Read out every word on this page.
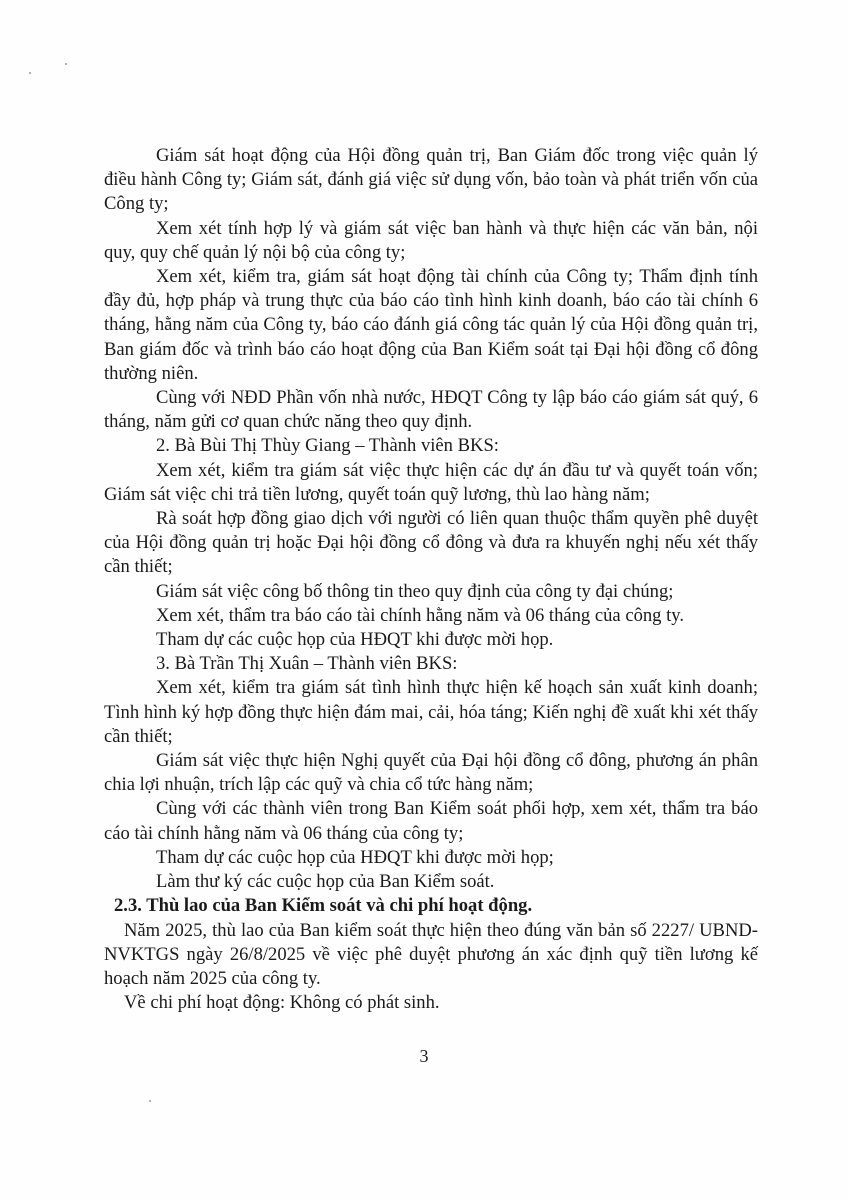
Giám sát hoạt động của Hội đồng quản trị, Ban Giám đốc trong việc quản lý điều hành Công ty; Giám sát, đánh giá việc sử dụng vốn, bảo toàn và phát triển vốn của Công ty;

Xem xét tính hợp lý và giám sát việc ban hành và thực hiện các văn bản, nội quy, quy chế quản lý nội bộ của công ty;

Xem xét, kiểm tra, giám sát hoạt động tài chính của Công ty; Thẩm định tính đầy đủ, hợp pháp và trung thực của báo cáo tình hình kinh doanh, báo cáo tài chính 6 tháng, hằng năm của Công ty, báo cáo đánh giá công tác quản lý của Hội đồng quản trị, Ban giám đốc và trình báo cáo hoạt động của Ban Kiểm soát tại Đại hội đồng cổ đông thường niên.

Cùng với NĐD Phần vốn nhà nước, HĐQT Công ty lập báo cáo giám sát quý, 6 tháng, năm gửi cơ quan chức năng theo quy định.

2. Bà Bùi Thị Thùy Giang – Thành viên BKS:

Xem xét, kiểm tra giám sát việc thực hiện các dự án đầu tư và quyết toán vốn; Giám sát việc chi trả tiền lương, quyết toán quỹ lương, thù lao hàng năm;

Rà soát hợp đồng giao dịch với người có liên quan thuộc thẩm quyền phê duyệt của Hội đồng quản trị hoặc Đại hội đồng cổ đông và đưa ra khuyến nghị nếu xét thấy cần thiết;

Giám sát việc công bố thông tin theo quy định của công ty đại chúng;

Xem xét, thẩm tra báo cáo tài chính hằng năm và 06 tháng của công ty.

Tham dự các cuộc họp của HĐQT khi được mời họp.

3. Bà Trần Thị Xuân – Thành viên BKS:

Xem xét, kiểm tra giám sát tình hình thực hiện kế hoạch sản xuất kinh doanh; Tình hình ký hợp đồng thực hiện đám mai, cải, hóa táng; Kiến nghị đề xuất khi xét thấy cần thiết;

Giám sát việc thực hiện Nghị quyết của Đại hội đồng cổ đông, phương án phân chia lợi nhuận, trích lập các quỹ và chia cổ tức hàng năm;

Cùng với các thành viên trong Ban Kiểm soát phối hợp, xem xét, thẩm tra báo cáo tài chính hằng năm và 06 tháng của công ty;

Tham dự các cuộc họp của HĐQT khi được mời họp;

Làm thư ký các cuộc họp của Ban Kiểm soát.

2.3. Thù lao của Ban Kiểm soát và chi phí hoạt động.

Năm 2025, thù lao của Ban kiểm soát thực hiện theo đúng văn bản số 2227/ UBND-NVKTGS ngày 26/8/2025 về việc phê duyệt phương án xác định quỹ tiền lương kế hoạch năm 2025 của công ty.

Về chi phí hoạt động: Không có phát sinh.

3
